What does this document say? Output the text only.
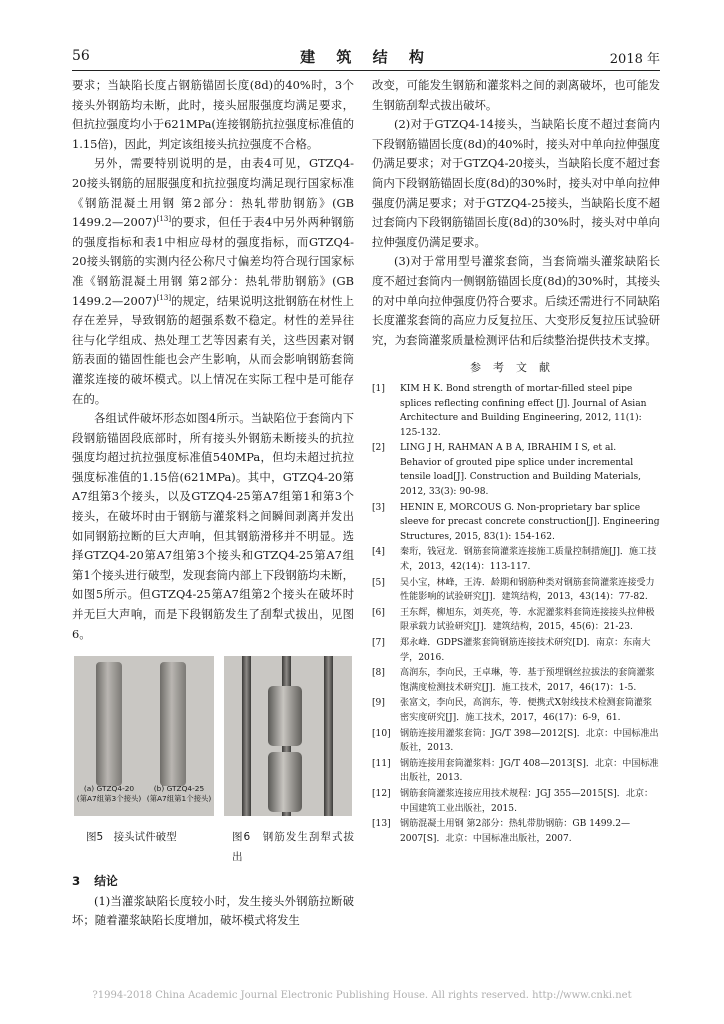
56	建 筑 结 构	2018 年

要求；当缺陷长度占钢筋锚固长度(8d)的40%时，3个接头外钢筋均未断，此时，接头屈服强度均满足要求，但抗拉强度均小于621MPa(连接钢筋抗拉强度标准值的1.15倍)，因此，判定该组接头抗拉强度不合格。

另外，需要特别说明的是，由表4可见，GTZQ4-20接头钢筋的屈服强度和抗拉强度均满足现行国家标准《钢筋混凝土用钢 第2部分：热轧带肋钢筋》(GB 1499.2—2007)[13]的要求，但任于表4中另外两种钢筋的强度指标和表1中相应母材的强度指标，而GTZQ4-20接头钢筋的实测内径公称尺寸偏差均符合现行国家标准《钢筋混凝土用钢 第2部分：热轧带肋钢筋》(GB 1499.2—2007)[13]的规定，结果说明这批钢筋在材性上存在差异，导致钢筋的超强系数不稳定。材性的差异往往与化学组成、热处理工艺等因素有关，这些因素对钢筋表面的锚固性能也会产生影响，从而会影响钢筋套筒灌浆连接的破坏模式。以上情况在实际工程中是可能存在的。

各组试件破坏形态如图4所示。当缺陷位于套筒内下段钢筋锚固段底部时，所有接头外钢筋未断接头的抗拉强度均超过抗拉强度标准值540MPa，但均未超过抗拉强度标准值的1.15倍(621MPa)。其中，GTZQ4-20第A7组第3个接头，以及GTZQ4-25第A7组第1和第3个接头，在破坏时由于钢筋与灌浆料之间瞬间剥离并发出如同钢筋拉断的巨大声响，但其钢筋滑移并不明显。选择GTZQ4-20第A7组第3个接头和GTZQ4-25第A7组第1个接头进行破型，发现套筒内部上下段钢筋均未断，如图5所示。但GTZQ4-25第A7组第2个接头在破坏时并无巨大声响，而是下段钢筋发生了刮犁式拔出，见图6。

(a) GTZQ4-20
(第A7组第3个接头)
(b) GTZQ4-25
(第A7组第1个接头)
图5　接头试件破型	图6　钢筋发生刮犁式拔出
3 结论

(1)当灌浆缺陷长度较小时，发生接头外钢筋拉断破坏；随着灌浆缺陷长度增加，破坏模式将发生

改变，可能发生钢筋和灌浆料之间的剥离破坏，也可能发生钢筋刮犁式拔出破坏。

(2)对于GTZQ4-14接头，当缺陷长度不超过套筒内下段钢筋锚固长度(8d)的40%时，接头对中单向拉伸强度仍满足要求；对于GTZQ4-20接头，当缺陷长度不超过套筒内下段钢筋锚固长度(8d)的30%时，接头对中单向拉伸强度仍满足要求；对于GTZQ4-25接头，当缺陷长度不超过套筒内下段钢筋锚固长度(8d)的30%时，接头对中单向拉伸强度仍满足要求。

(3)对于常用型号灌浆套筒，当套筒端头灌浆缺陷长度不超过套筒内一侧钢筋锚固长度(8d)的30%时，其接头的对中单向拉伸强度仍符合要求。后续还需进行不同缺陷长度灌浆套筒的高应力反复拉压、大变形反复拉压试验研究，为套筒灌浆质量检测评估和后续整治提供技术支撑。

参考文献
[1]	KIM H K. Bond strength of mortar-filled steel pipe splices reflecting confining effect [J]. Journal of Asian Architecture and Building Engineering, 2012, 11(1): 125-132.
[2]	LING J H, RAHMAN A B A, IBRAHIM I S, et al. Behavior of grouted pipe splice under incremental tensile load[J]. Construction and Building Materials, 2012, 33(3): 90-98.
[3]	HENIN E, MORCOUS G. Non-proprietary bar splice sleeve for precast concrete construction[J]. Engineering Structures, 2015, 83(1): 154-162.
[4]	秦珩，钱冠龙．钢筋套筒灌浆连接施工质量控制措施[J]．施工技术，2013，42(14)：113-117.
[5]	吴小宝，林峰，王涛．龄期和钢筋种类对钢筋套筒灌浆连接受力性能影响的试验研究[J]．建筑结构，2013，43(14)：77-82.
[6]	王东辉，柳旭东，刘英亮，等．水泥灌浆料套筒连接接头拉伸极限承载力试验研究[J]．建筑结构，2015，45(6)：21-23.
[7]	郑永峰．GDPS灌浆套筒钢筋连接技术研究[D]．南京：东南大学，2016.
[8]	高润东，李向民，王卓琳，等．基于预埋钢丝拉拔法的套筒灌浆饱满度检测技术研究[J]．施工技术，2017，46(17)：1-5.
[9]	张富文，李向民，高润东，等．便携式X射线技术检测套筒灌浆密实度研究[J]．施工技术，2017，46(17)：6-9，61.
[10]	钢筋连接用灌浆套筒：JG/T 398—2012[S]．北京：中国标准出版社，2013.
[11]	钢筋连接用套筒灌浆料：JG/T 408—2013[S]．北京：中国标准出版社，2013.
[12]	钢筋套筒灌浆连接应用技术规程：JGJ 355—2015[S]．北京：中国建筑工业出版社，2015.
[13]	钢筋混凝土用钢 第2部分：热轧带肋钢筋：GB 1499.2—2007[S]．北京：中国标准出版社，2007.
?1994-2018 China Academic Journal Electronic Publishing House. All rights reserved. http://www.cnki.net
